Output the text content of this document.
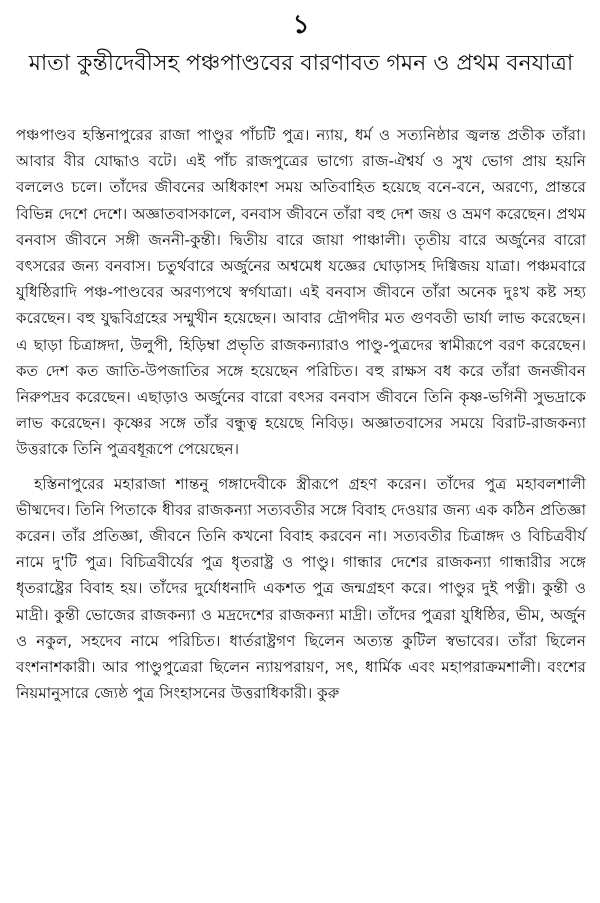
১
মাতা কুন্তীদেবীসহ পঞ্চপাণ্ডবের বারণাবত গমন ও প্রথম বনযাত্রা

পঞ্চপাণ্ডব হস্তিনাপুরের রাজা পাণ্ডুর পাঁচটি পুত্র। ন্যায়, ধর্ম ও সত্যনিষ্ঠার জ্বলন্ত প্রতীক তাঁরা। আবার বীর যোদ্ধাও বটে। এই পাঁচ রাজপুত্রের ভাগ্যে রাজ-ঐশ্বর্য ও সুখ ভোগ প্রায় হয়নি বললেও চলে। তাঁদের জীবনের অধিকাংশ সময় অতিবাহিত হয়েছে বনে-বনে, অরণ্যে, প্রান্তরে বিভিন্ন দেশে দেশে। অজ্ঞাতবাসকালে, বনবাস জীবনে তাঁরা বহু দেশ জয় ও ভ্রমণ করেছেন। প্রথম বনবাস জীবনে সঙ্গী জননী-কুন্তী। দ্বিতীয় বারে জায়া পাঞ্চালী। তৃতীয় বারে অর্জুনের বারো বৎসরের জন্য বনবাস। চতুর্থবারে অর্জুনের অশ্বমেধ যজ্ঞের ঘোড়াসহ দিগ্বিজয় যাত্রা। পঞ্চমবারে যুধিষ্ঠিরাদি পঞ্চ-পাণ্ডবের অরণ্যপথে স্বর্গযাত্রা। এই বনবাস জীবনে তাঁরা অনেক দুঃখ কষ্ট সহ্য করেছেন। বহু যুদ্ধবিগ্রহের সম্মুখীন হয়েছেন। আবার দ্রৌপদীর মত গুণবতী ভার্যা লাভ করেছেন। এ ছাড়া চিত্রাঙ্গদা, উলুপী, হিড়িম্বা প্রভৃতি রাজকন্যারাও পাণ্ডু-পুত্রদের স্বামীরূপে বরণ করেছেন। কত দেশ কত জাতি-উপজাতির সঙ্গে হয়েছেন পরিচিত। বহু রাক্ষস বধ করে তাঁরা জনজীবন নিরুপদ্রব করেছেন। এছাড়াও অর্জুনের বারো বৎসর বনবাস জীবনে তিনি কৃষ্ণ-ভগিনী সুভদ্রাকে লাভ করেছেন। কৃষ্ণের সঙ্গে তাঁর বন্ধুত্ব হয়েছে নিবিড়। অজ্ঞাতবাসের সময়ে বিরাট-রাজকন্যা উত্তরাকে তিনি পুত্রবধূরূপে পেয়েছেন।

হস্তিনাপুরের মহারাজা শান্তনু গঙ্গাদেবীকে স্ত্রীরূপে গ্রহণ করেন। তাঁদের পুত্র মহাবলশালী ভীষ্মদেব। তিনি পিতাকে ধীবর রাজকন্যা সত্যবতীর সঙ্গে বিবাহ দেওয়ার জন্য এক কঠিন প্রতিজ্ঞা করেন। তাঁর প্রতিজ্ঞা, জীবনে তিনি কখনো বিবাহ করবেন না। সত্যবতীর চিত্রাঙ্গদ ও বিচিত্রবীর্য নামে দু'টি পুত্র। বিচিত্রবীর্যের পুত্র ধৃতরাষ্ট্র ও পাণ্ডু। গান্ধার দেশের রাজকন্যা গান্ধারীর সঙ্গে ধৃতরাষ্ট্রের বিবাহ হয়। তাঁদের দুর্যোধনাদি একশত পুত্র জন্মগ্রহণ করে। পাণ্ডুর দুই পত্নী। কুন্তী ও মাদ্রী। কুন্তী ভোজের রাজকন্যা ও মদ্রদেশের রাজকন্যা মাদ্রী। তাঁদের পুত্ররা যুধিষ্ঠির, ভীম, অর্জুন ও নকুল, সহদেব নামে পরিচিত। ধার্তরাষ্ট্রগণ ছিলেন অত্যন্ত কুটিল স্বভাবের। তাঁরা ছিলেন বংশনাশকারী। আর পাণ্ডুপুত্রেরা ছিলেন ন্যায়পরায়ণ, সৎ, ধার্মিক এবং মহাপরাক্রমশালী। বংশের নিয়মানুসারে জ্যেষ্ঠ পুত্র সিংহাসনের উত্তরাধিকারী। কুরু
